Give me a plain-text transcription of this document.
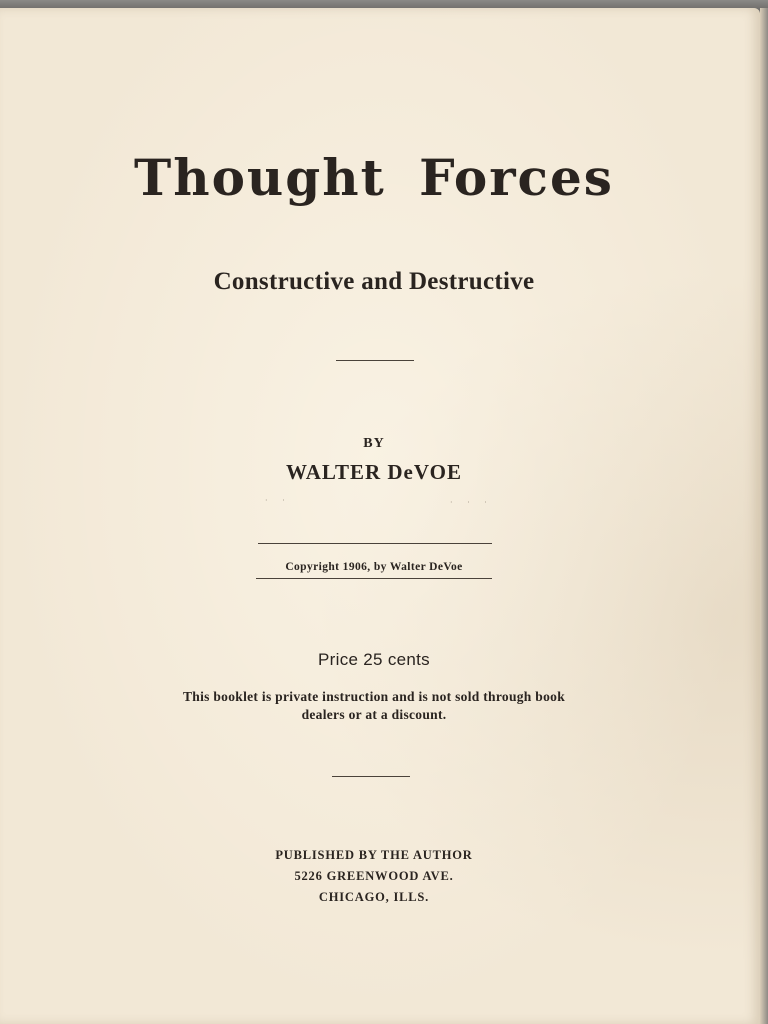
Thought Forces
Constructive and Destructive
BY
WALTER DeVOE
· ·	· · ·
Copyright 1906, by Walter DeVoe
Price 25 cents
This booklet is private instruction and is not sold through book
dealers or at a discount.
PUBLISHED BY THE AUTHOR
5226 GREENWOOD AVE.
CHICAGO, ILLS.
